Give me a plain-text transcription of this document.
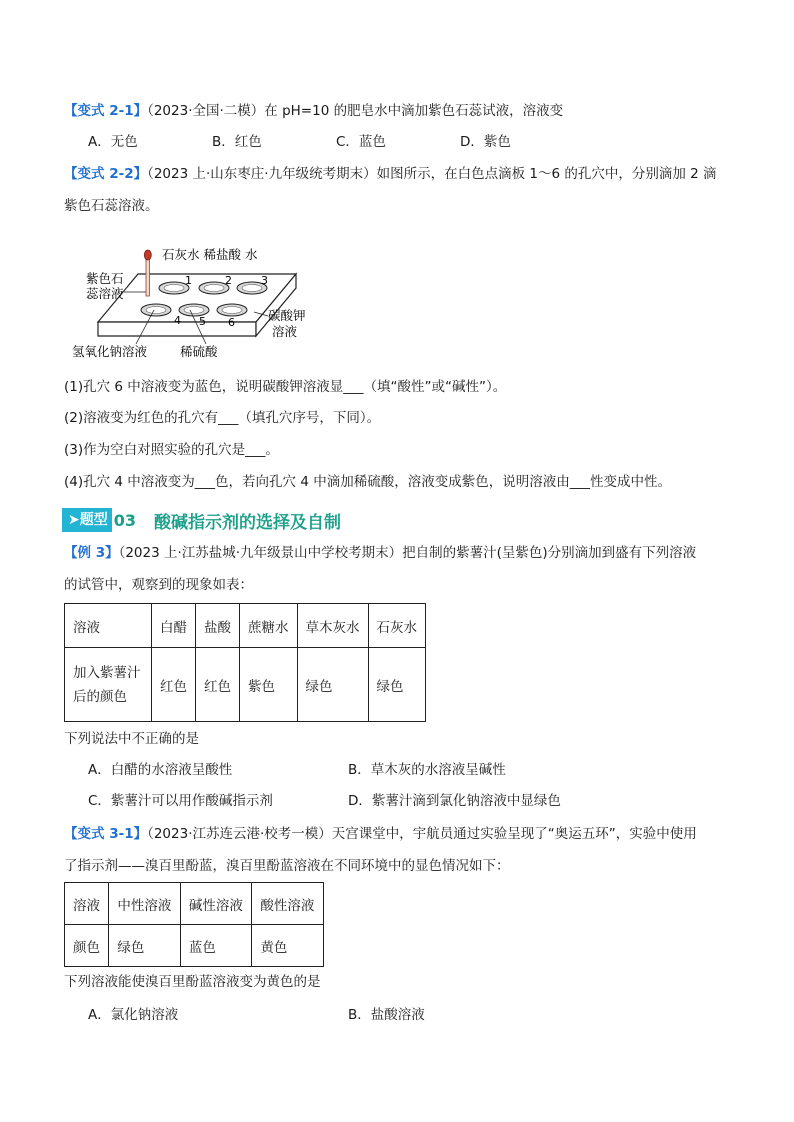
【变式 2-1】（2023·全国·二模）在 pH=10 的肥皂水中滴加紫色石蕊试液，溶液变
A．无色	B．红色	C．蓝色	D．紫色
【变式 2-2】（2023 上·山东枣庄·九年级统考期末）如图所示，在白色点滴板 1～6 的孔穴中，分别滴加 2 滴
紫色石蕊溶液。
1	2	3
4 5 6
石灰水 稀盐酸 水
紫色石
蕊溶液
碳酸钾
溶液
氢氧化钠溶液	稀硫酸
(1)孔穴 6 中溶液变为蓝色，说明碳酸钾溶液显___（填“酸性”或“碱性”）。
(2)溶液变为红色的孔穴有___（填孔穴序号，下同）。
(3)作为空白对照实验的孔穴是___。
(4)孔穴 4 中溶液变为___色，若向孔穴 4 中滴加稀硫酸，溶液变成紫色，说明溶液由___性变成中性。
➤题型 03 酸碱指示剂的选择及自制
【例 3】（2023 上·江苏盐城·九年级景山中学校考期末）把自制的紫薯汁(呈紫色)分别滴加到盛有下列溶液
的试管中，观察到的现象如表：
溶液	白醋	盐酸	蔗糖水	草木灰水	石灰水

加入紫薯汁
后的颜色	红色	红色	紫色	绿色	绿色
下列说法中不正确的是
A．白醋的水溶液呈酸性	B．草木灰的水溶液呈碱性
C．紫薯汁可以用作酸碱指示剂	D．紫薯汁滴到氯化钠溶液中显绿色
【变式 3-1】（2023·江苏连云港·校考一模）天宫课堂中，宇航员通过实验呈现了“奥运五环”，实验中使用
了指示剂——溴百里酚蓝，溴百里酚蓝溶液在不同环境中的显色情况如下：
溶液	中性溶液	碱性溶液	酸性溶液
颜色	绿色	蓝色	黄色
下列溶液能使溴百里酚蓝溶液变为黄色的是
A．氯化钠溶液	B．盐酸溶液
